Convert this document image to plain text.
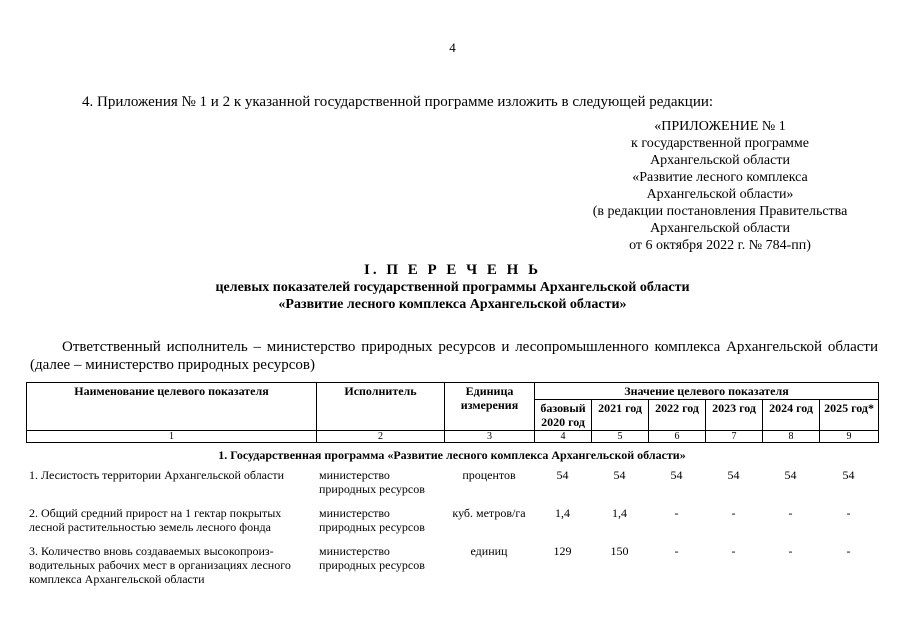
4
4. Приложения № 1 и 2 к указанной государственной программе изложить в следующей редакции:
«ПРИЛОЖЕНИЕ № 1
к государственной программе
Архангельской области
«Развитие лесного комплекса
Архангельской области»
(в редакции постановления Правительства
Архангельской области
от 6 октября 2022 г. № 784-пп)
I. П Е Р Е Ч Е Н Ь
целевых показателей государственной программы Архангельской области
«Развитие лесного комплекса Архангельской области»
Ответственный исполнитель – министерство природных ресурсов и лесопромышленного комплекса Архангельской области (далее – министерство природных ресурсов)
Наименование целевого показателя	Исполнитель	Единица измерения	Значение целевого показателя					
			базовый 2020 год	2021 год	2022 год	2023 год	2024 год	2025 год*
1	2	3	4	5	6	7	8	9
1. Государственная программа «Развитие лесного комплекса Архангельской области»
1. Лесистость территории Архангельской области	министерство природных ресурсов	процентов	54	54	54	54	54	54
2. Общий средний прирост на 1 гектар покрытых лесной растительностью земель лесного фонда	министерство природных ресурсов	куб. метров/га	1,4	1,4	-	-	-	-
3. Количество вновь создаваемых высокопроизводительных рабочих мест в организациях лесного комплекса Архангельской области	министерство природных ресурсов	единиц	129	150	-	-	-	-
